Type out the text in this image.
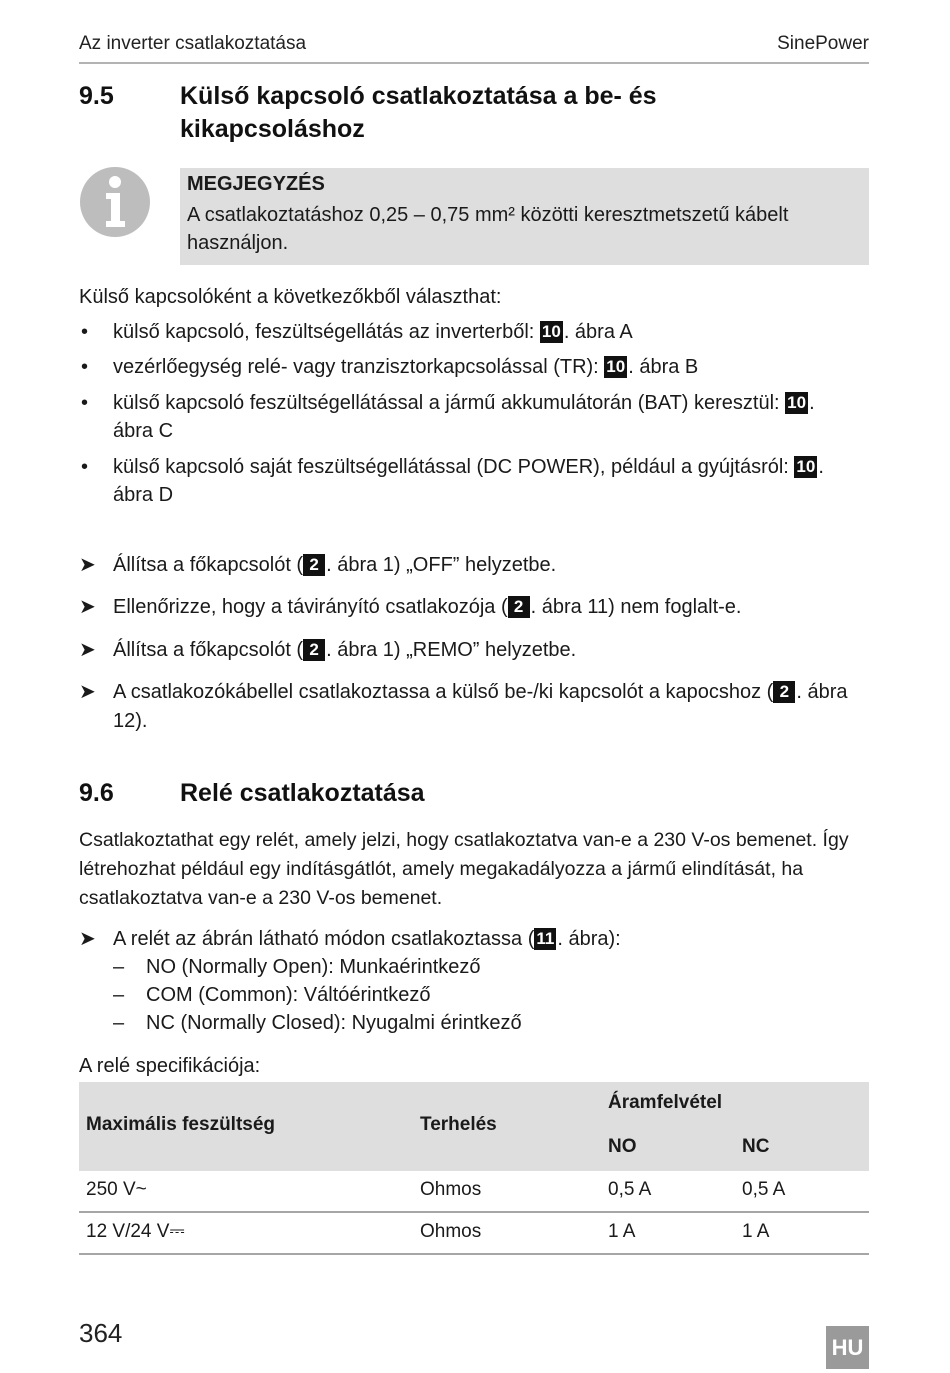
Az inverter csatlakoztatása	SinePower
9.5	Külső kapcsoló csatlakoztatása a be- és kikapcsoláshoz
MEGJEGYZÉS
A csatlakoztatáshoz 0,25 – 0,75 mm² közötti keresztmetszetű kábelt használjon.
Külső kapcsolóként a következőkből választhat:
• külső kapcsoló, feszültségellátás az inverterből: 10 . ábra A
• vezérlőegység relé- vagy tranzisztorkapcsolással (TR): 10 . ábra B
• külső kapcsoló feszültségellátással a jármű akkumulátorán (BAT) keresztül: 10 . ábra C
• külső kapcsoló saját feszültségellátással (DC POWER), például a gyújtásról: 10 . ábra D
➤ Állítsa a főkapcsolót ( 2 . ábra 1) „OFF” helyzetbe.
➤ Ellenőrizze, hogy a távirányító csatlakozója ( 2 . ábra 11) nem foglalt-e.
➤ Állítsa a főkapcsolót ( 2 . ábra 1) „REMO” helyzetbe.
➤ A csatlakozókábellel csatlakoztassa a külső be-/ki kapcsolót a kapocshoz ( 2 . ábra 12).
9.6	Relé csatlakoztatása
Csatlakoztathat egy relét, amely jelzi, hogy csatlakoztatva van-e a 230 V-os bemenet. Így létrehozhat például egy indításgátlót, amely megakadályozza a jármű elindítását, ha csatlakoztatva van-e a 230 V-os bemenet.
➤ A relét az ábrán látható módon csatlakoztassa ( 11 . ábra):
– NO (Normally Open): Munkaérintkező
– COM (Common): Váltóérintkező
– NC (Normally Closed): Nyugalmi érintkező
A relé specifikációja:
Maximális feszültség	Terhelés
Áramfelvétel
NO	NC
250 V~	Ohmos	0,5 A	0,5 A
12 V/24 V⎓	Ohmos	1 A	1 A
364	HU
